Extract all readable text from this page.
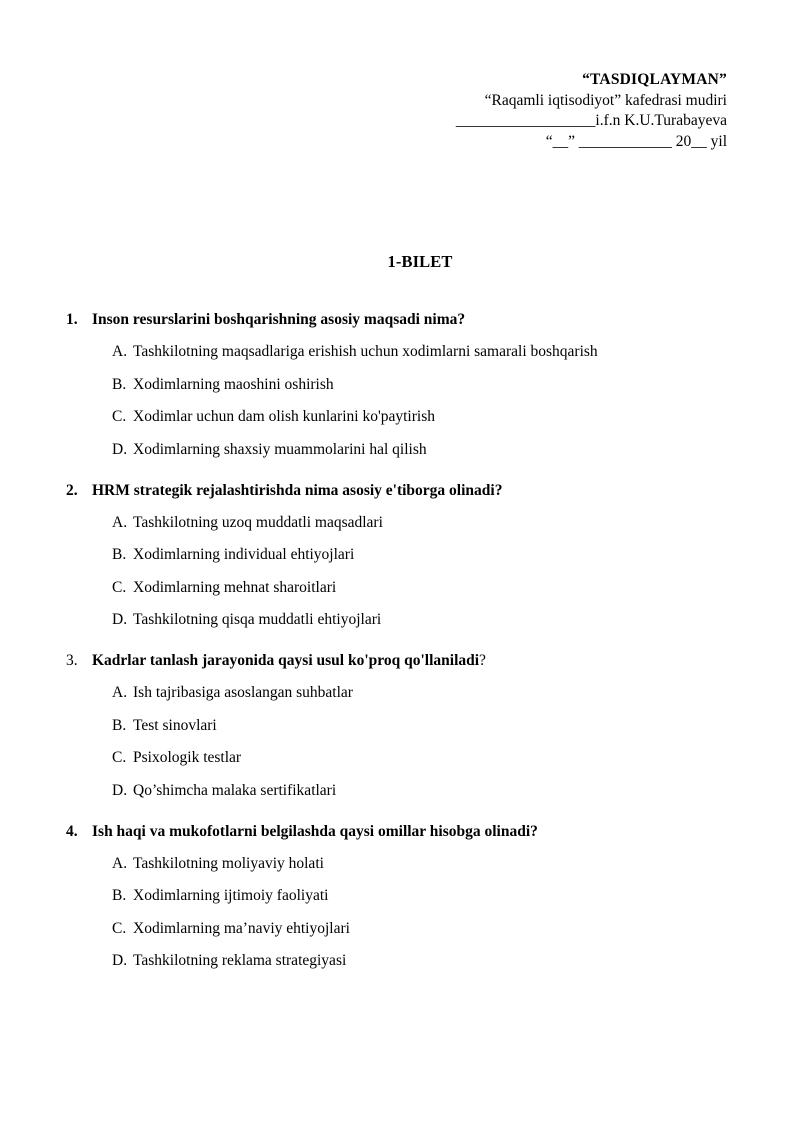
“TASDIQLAYMAN”
“Raqamli iqtisodiyot” kafedrasi mudiri
__________________i.f.n K.U.Turabayeva
“__” ____________ 20__ yil
1-BILET
1. Inson resurslarini boshqarishning asosiy maqsadi nima?
A. Tashkilotning maqsadlariga erishish uchun xodimlarni samarali boshqarish
B. Xodimlarning maoshini oshirish
C. Xodimlar uchun dam olish kunlarini ko'paytirish
D. Xodimlarning shaxsiy muammolarini hal qilish
2. HRM strategik rejalashtirishda nima asosiy e'tiborga olinadi?
A. Tashkilotning uzoq muddatli maqsadlari
B. Xodimlarning individual ehtiyojlari
C. Xodimlarning mehnat sharoitlari
D. Tashkilotning qisqa muddatli ehtiyojlari
3. Kadrlar tanlash jarayonida qaysi usul ko'proq qo'llaniladi?
A. Ish tajribasiga asoslangan suhbatlar
B. Test sinovlari
C. Psixologik testlar
D. Qo’shimcha malaka sertifikatlari
4. Ish haqi va mukofotlarni belgilashda qaysi omillar hisobga olinadi?
A. Tashkilotning moliyaviy holati
B. Xodimlarning ijtimoiy faoliyati
C. Xodimlarning ma’naviy ehtiyojlari
D. Tashkilotning reklama strategiyasi
